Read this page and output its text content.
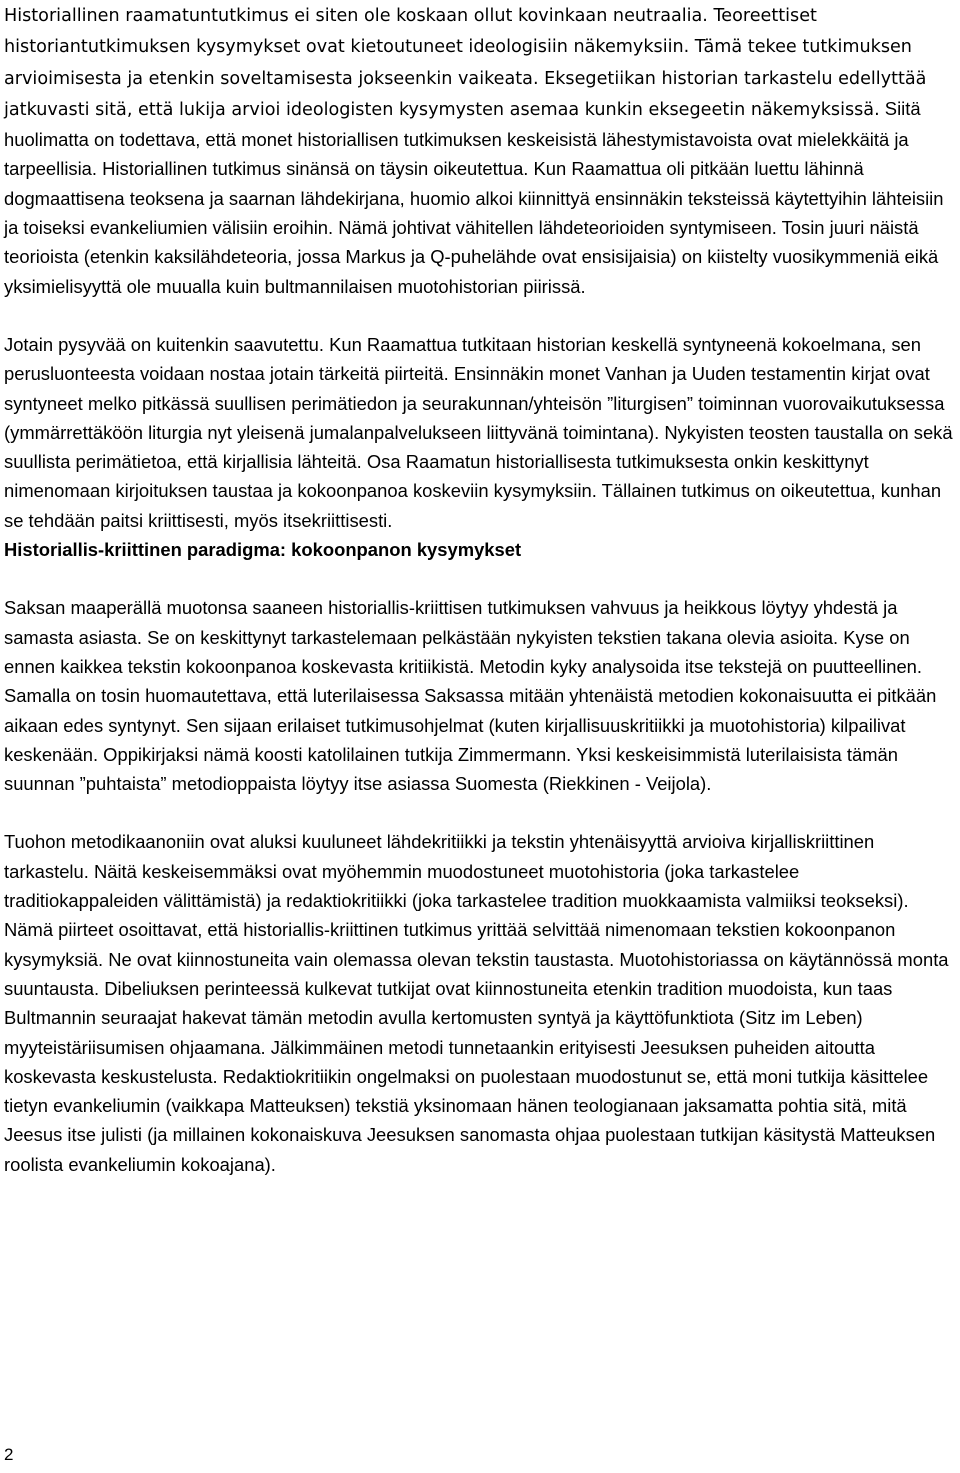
Historiallinen raamatuntutkimus ei siten ole koskaan ollut kovinkaan neutraalia. Teoreettiset historiantutkimuksen kysymykset ovat kietoutuneet ideologisiin näkemyksiin. Tämä tekee tutkimuksen arvioimisesta ja etenkin soveltamisesta jokseenkin vaikeata. Eksegetiikan historian tarkastelu edellyttää jatkuvasti sitä, että lukija arvioi ideologisten kysymysten asemaa kunkin eksegeetin näkemyksissä. Siitä huolimatta on todettava, että monet historiallisen tutkimuksen keskeisistä lähestymistavoista ovat mielekkäitä ja tarpeellisia. Historiallinen tutkimus sinänsä on täysin oikeutettua. Kun Raamattua oli pitkään luettu lähinnä dogmaattisena teoksena ja saarnan lähdekirjana, huomio alkoi kiinnittyä ensinnäkin teksteissä käytettyihin lähteisiin ja toiseksi evankeliumien välisiin eroihin. Nämä johtivat vähitellen lähdeteorioiden syntymiseen. Tosin juuri näistä teorioista (etenkin kaksilähdeteoria, jossa Markus ja Q-puhelähde ovat ensisijaisia) on kiistelty vuosikymmeniä eikä yksimielisyyttä ole muualla kuin bultmannilaisen muotohistorian piirissä.

Jotain pysyvää on kuitenkin saavutettu. Kun Raamattua tutkitaan historian keskellä syntyneenä kokoelmana, sen perusluonteesta voidaan nostaa jotain tärkeitä piirteitä. Ensinnäkin monet Vanhan ja Uuden testamentin kirjat ovat syntyneet melko pitkässä suullisen perimätiedon ja seurakunnan/yhteisön ”liturgisen” toiminnan vuorovaikutuksessa (ymmärrettäköön liturgia nyt yleisenä jumalanpalvelukseen liittyvänä toimintana). Nykyisten teosten taustalla on sekä suullista perimätietoa, että kirjallisia lähteitä. Osa Raamatun historiallisesta tutkimuksesta onkin keskittynyt nimenomaan kirjoituksen taustaa ja kokoonpanoa koskeviin kysymyksiin. Tällainen tutkimus on oikeutettua, kunhan se tehdään paitsi kriittisesti, myös itsekriittisesti.

Historiallis-kriittinen paradigma: kokoonpanon kysymykset

Saksan maaperällä muotonsa saaneen historiallis-kriittisen tutkimuksen vahvuus ja heikkous löytyy yhdestä ja samasta asiasta. Se on keskittynyt tarkastelemaan pelkästään nykyisten tekstien takana olevia asioita. Kyse on ennen kaikkea tekstin kokoonpanoa koskevasta kritiikistä. Metodin kyky analysoida itse tekstejä on puutteellinen. Samalla on tosin huomautettava, että luterilaisessa Saksassa mitään yhtenäistä metodien kokonaisuutta ei pitkään aikaan edes syntynyt. Sen sijaan erilaiset tutkimusohjelmat (kuten kirjallisuuskritiikki ja muotohistoria) kilpailivat keskenään. Oppikirjaksi nämä koosti katolilainen tutkija Zimmermann. Yksi keskeisimmistä luterilaisista tämän suunnan ”puhtaista” metodioppaista löytyy itse asiassa Suomesta (Riekkinen - Veijola).

Tuohon metodikaanoniin ovat aluksi kuuluneet lähdekritiikki ja tekstin yhtenäisyyttä arvioiva kirjalliskriittinen tarkastelu. Näitä keskeisemmäksi ovat myöhemmin muodostuneet muotohistoria (joka tarkastelee traditiokappaleiden välittämistä) ja redaktiokritiikki (joka tarkastelee tradition muokkaamista valmiiksi teokseksi). Nämä piirteet osoittavat, että historiallis-kriittinen tutkimus yrittää selvittää nimenomaan tekstien kokoonpanon kysymyksiä. Ne ovat kiinnostuneita vain olemassa olevan tekstin taustasta. Muotohistoriassa on käytännössä monta suuntausta. Dibeliuksen perinteessä kulkevat tutkijat ovat kiinnostuneita etenkin tradition muodoista, kun taas Bultmannin seuraajat hakevat tämän metodin avulla kertomusten syntyä ja käyttöfunktiota (Sitz im Leben) myyteistäriisumisen ohjaamana. Jälkimmäinen metodi tunnetaankin erityisesti Jeesuksen puheiden aitoutta koskevasta keskustelusta. Redaktiokritiikin ongelmaksi on puolestaan muodostunut se, että moni tutkija käsittelee tietyn evankeliumin (vaikkapa Matteuksen) tekstiä yksinomaan hänen teologianaan jaksamatta pohtia sitä, mitä Jeesus itse julisti (ja millainen kokonaiskuva Jeesuksen sanomasta ohjaa puolestaan tutkijan käsitystä Matteuksen roolista evankeliumin kokoajana).

2
